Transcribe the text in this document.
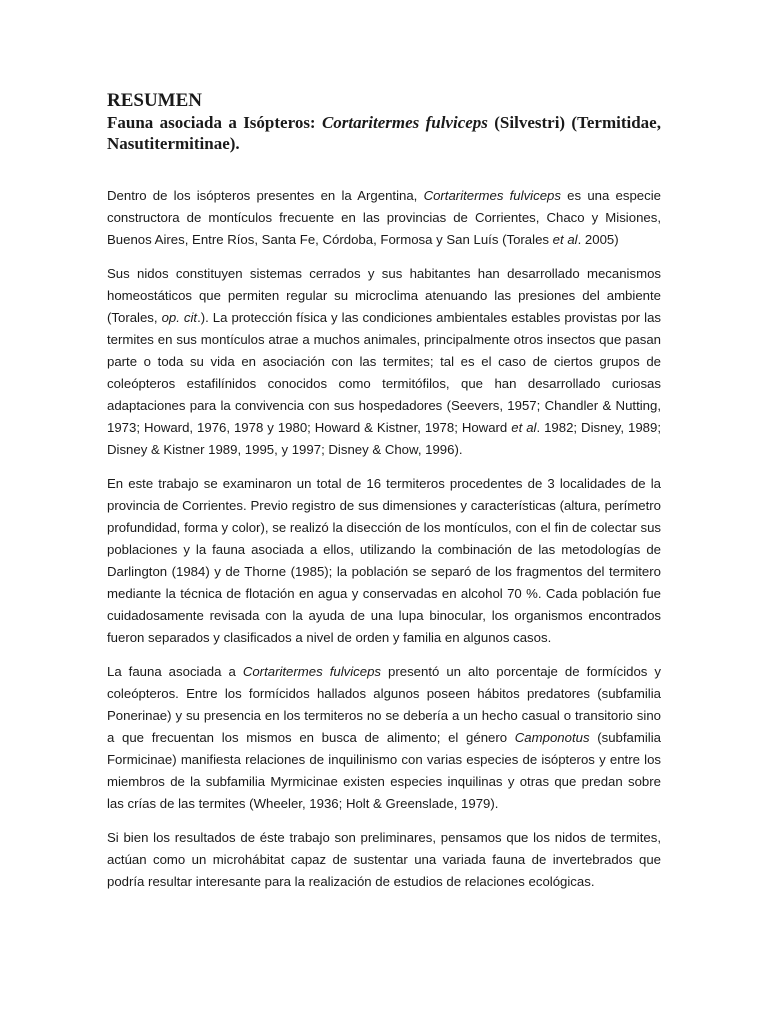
RESUMEN
Fauna asociada a Isópteros: Cortaritermes fulviceps (Silvestri) (Termitidae, Nasutitermitinae).

Dentro de los isópteros presentes en la Argentina, Cortaritermes fulviceps es una especie constructora de montículos frecuente en las provincias de Corrientes, Chaco y Misiones, Buenos Aires, Entre Ríos, Santa Fe, Córdoba, Formosa y San Luís (Torales et al. 2005)

Sus nidos constituyen sistemas cerrados y sus habitantes han desarrollado mecanismos homeostáticos que permiten regular su microclima atenuando las presiones del ambiente (Torales, op. cit.). La protección física y las condiciones ambientales estables provistas por las termites en sus montículos atrae a muchos animales, principalmente otros insectos que pasan parte o toda su vida en asociación con las termites; tal es el caso de ciertos grupos de coleópteros estafilínidos conocidos como termitófilos, que han desarrollado curiosas adaptaciones para la convivencia con sus hospedadores (Seevers, 1957; Chandler & Nutting, 1973; Howard, 1976, 1978 y 1980; Howard & Kistner, 1978; Howard et al. 1982; Disney, 1989; Disney & Kistner 1989, 1995, y 1997; Disney & Chow, 1996).

En este trabajo se examinaron un total de 16 termiteros procedentes de 3 localidades de la provincia de Corrientes. Previo registro de sus dimensiones y características (altura, perímetro profundidad, forma y color), se realizó la disección de los montículos, con el fin de colectar sus poblaciones y la fauna asociada a ellos, utilizando la combinación de las metodologías de Darlington (1984) y de Thorne (1985); la población se separó de los fragmentos del termitero mediante la técnica de flotación en agua y conservadas en alcohol 70 %. Cada población fue cuidadosamente revisada con la ayuda de una lupa binocular, los organismos encontrados fueron separados y clasificados a nivel de orden y familia en algunos casos.

La fauna asociada a Cortaritermes fulviceps presentó un alto porcentaje de formícidos y coleópteros. Entre los formícidos hallados algunos poseen hábitos predatores (subfamilia Ponerinae) y su presencia en los termiteros no se debería a un hecho casual o transitorio sino a que frecuentan los mismos en busca de alimento; el género Camponotus (subfamilia Formicinae) manifiesta relaciones de inquilinismo con varias especies de isópteros y entre los miembros de la subfamilia Myrmicinae existen especies inquilinas y otras que predan sobre las crías de las termites (Wheeler, 1936; Holt & Greenslade, 1979).

Si bien los resultados de éste trabajo son preliminares, pensamos que los nidos de termites, actúan como un microhábitat capaz de sustentar una variada fauna de invertebrados que podría resultar interesante para la realización de estudios de relaciones ecológicas.
